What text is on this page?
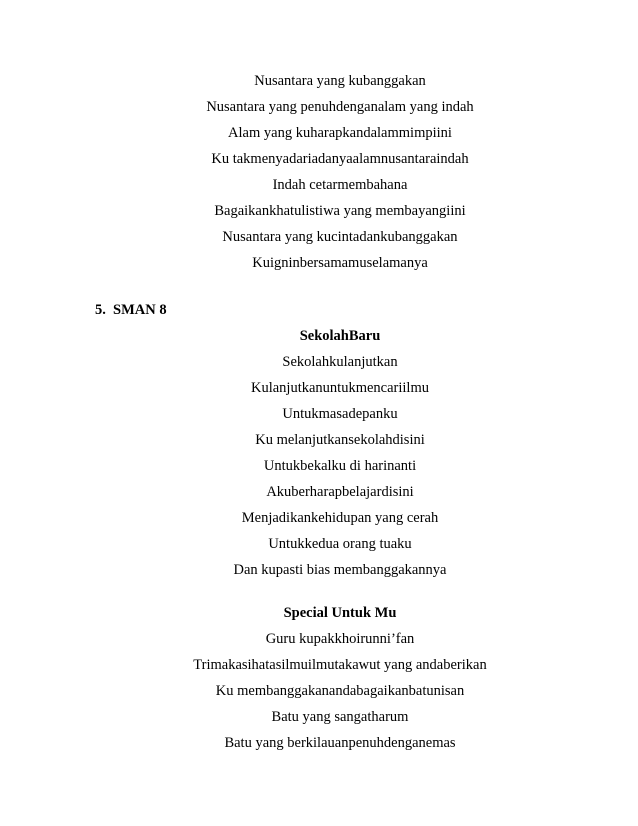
Nusantara yang kubanggakan
Nusantara yang penuhdenganalam yang indah
Alam yang kuharapkandalammimpiini
Ku takmenyadariadanyaalamnusantaraindah
Indah cetarmembahana
Bagaikankhatulistiwa yang membayangiini
Nusantara yang kucintadankubanggakan
Kuigninbersamamuselamanya
5. SMAN 8
SekolahBaru
Sekolahkulanjutkan
Kulanjutkanuntukmencariilmu
Untukmasadepanku
Ku melanjutkansekolahdisini
Untukbekalku di harinanti
Akuberharapbelajardisini
Menjadikankehidupan yang cerah
Untukkedua orang tuaku
Dan kupasti bias membanggakannya
Special Untuk Mu
Guru kupakkhoirunni’fan
Trimakasihatasilmuilmutakawut yang andaberikan
Ku membanggakanandabagaikanbatunisan
Batu yang sangatharum
Batu yang berkilauanpenuhdenganemas
